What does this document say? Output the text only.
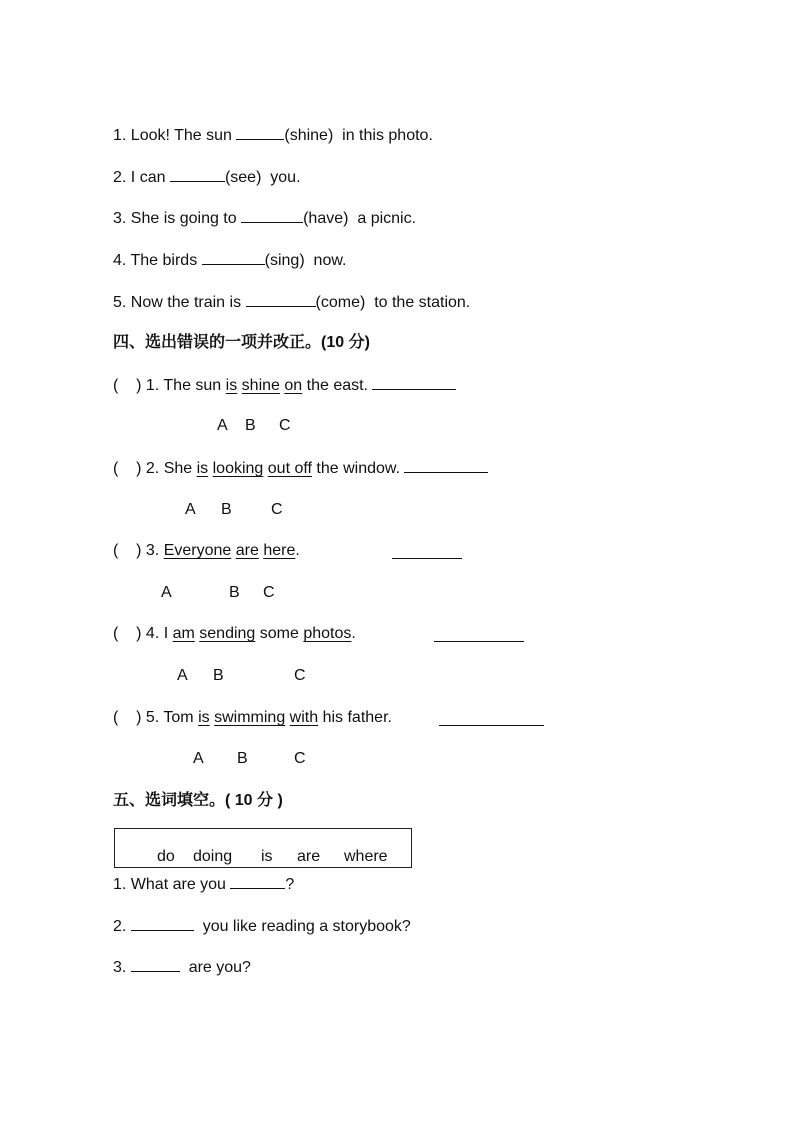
1. Look! The sun	(shine)  in this photo.
2. I can	(see)  you.
3. She is going to	(have)  a picnic.
4. The birds	(sing)  now.
5. Now the train is	(come)  to the station.
四、选出错误的一项并改正。(10 分)
(    ) 1. The sun is shine on the east.
A B C
(    ) 2. She is looking out off the window.
A B C
(    ) 3. Everyone are here.
A	B C
(    ) 4. I am sending some photos.
A B	C
(    ) 5. Tom is swimming with his father.
A B	C
五、选词填空。( 10 分 )
do doing is are where
1. What are you	?
2.	you like reading a storybook?
3.	are you?
